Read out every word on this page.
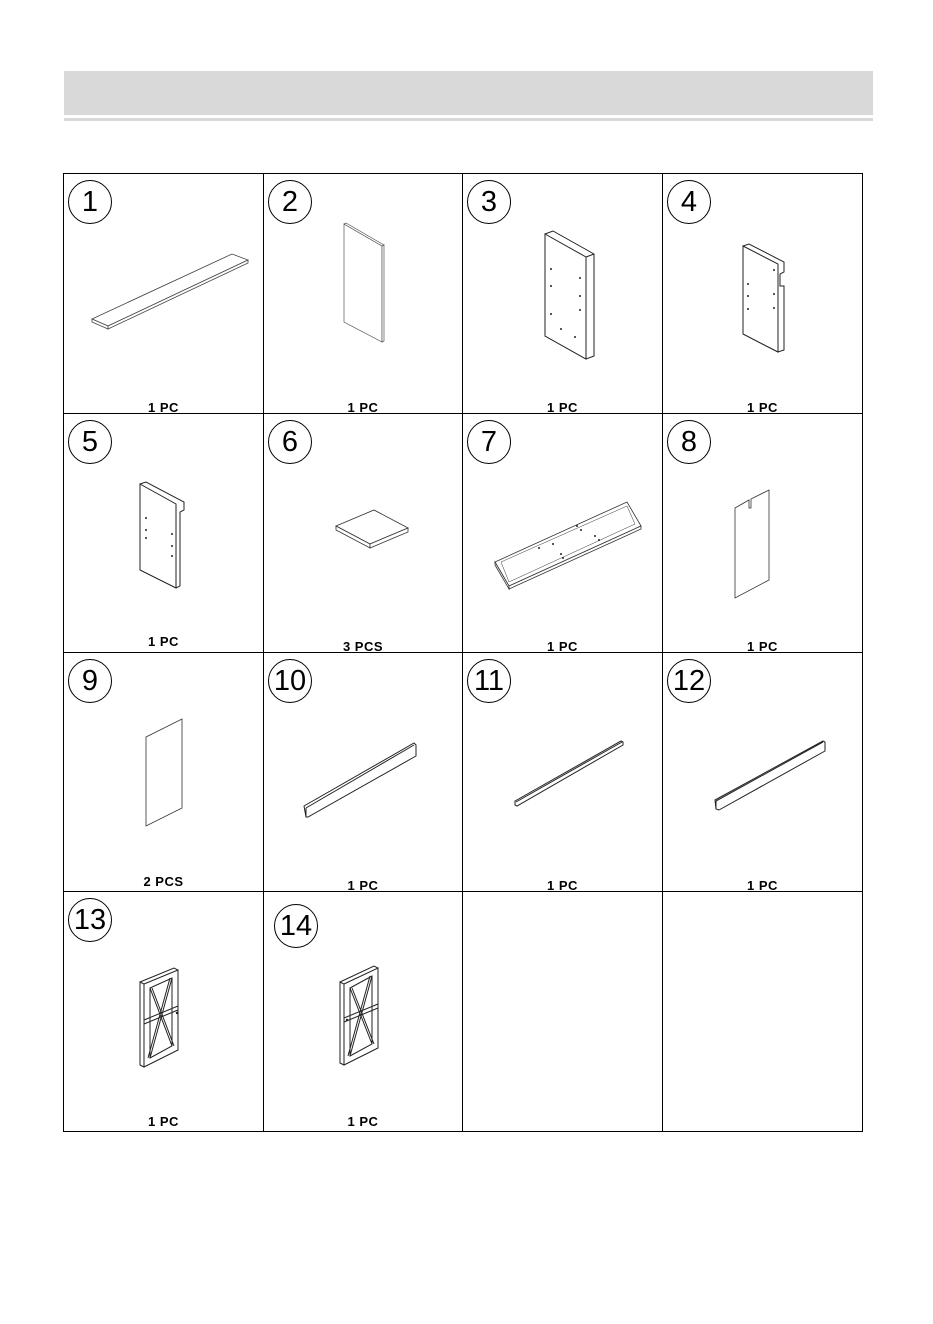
1
1 PC
2
1 PC
3
1 PC
4
1 PC
5
1 PC
6
3 PCS
7
1 PC
8
1 PC
9
2 PCS
10
1 PC
11
1 PC
12
1 PC
13
1 PC
14
1 PC
